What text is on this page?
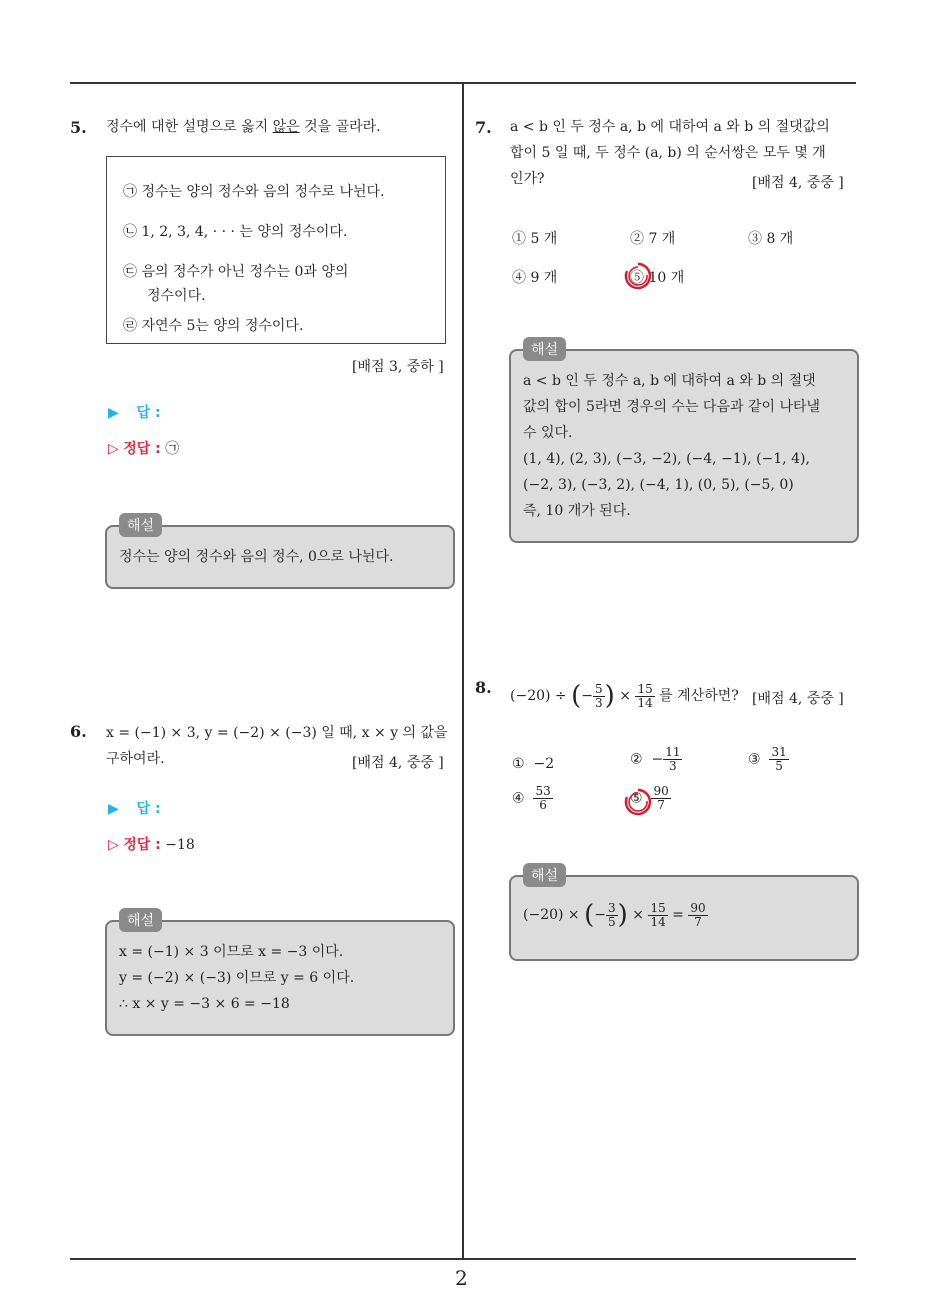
2
5. 정수에 대한 설명으로 옳지 않은 것을 골라라.
㉠ 정수는 양의 정수와 음의 정수로 나뉜다.
㉡ 1, 2, 3, 4, · · · 는 양의 정수이다.
㉢ 음의 정수가 아닌 정수는 0과 양의
정수이다.
㉣ 자연수 5는 양의 정수이다.
[배점 3, 중하 ]
▶ 답 :
▷ 정답 : ㉠
해설
정수는 양의 정수와 음의 정수, 0으로 나뉜다.
6. x = (−1) × 3, y = (−2) × (−3) 일 때, x × y 의 값을
구하여라.	[배점 4, 중중 ]
▶ 답 :
▷ 정답 : −18
해설
x = (−1) × 3 이므로 x = −3 이다.
y = (−2) × (−3) 이므로 y = 6 이다.
∴ x × y = −3 × 6 = −18
7. a < b 인 두 정수 a, b 에 대하여 a 와 b 의 절댓값의
합이 5 일 때, 두 정수 (a, b) 의 순서쌍은 모두 몇 개
인가?	[배점 4, 중중 ]
① 5 개	② 7 개	③ 8 개
④ 9 개	⑤ 10 개
해설
a < b 인 두 정수 a, b 에 대하여 a 와 b 의 절댓
값의 합이 5라면 경우의 수는 다음과 같이 나타낼
수 있다.
(1, 4), (2, 3), (−3, −2), (−4, −1), (−1, 4),
(−2, 3), (−3, 2), (−4, 1), (0, 5), (−5, 0)
즉, 10 개가 된다.
8. (−20) ÷ (− $\frac{5}{3}$ ) × $\frac{15}{14}$ 를 계산하면? [배점 4, 중중 ]
① −2	② − $\frac{11}{3}$	③ $\frac{31}{5}$
④ $\frac{53}{6}$	⑤ $\frac{90}{7}$
해설
(−20) × (− $\frac{3}{5}$ ) × $\frac{15}{14} = \frac{90}{7}$
